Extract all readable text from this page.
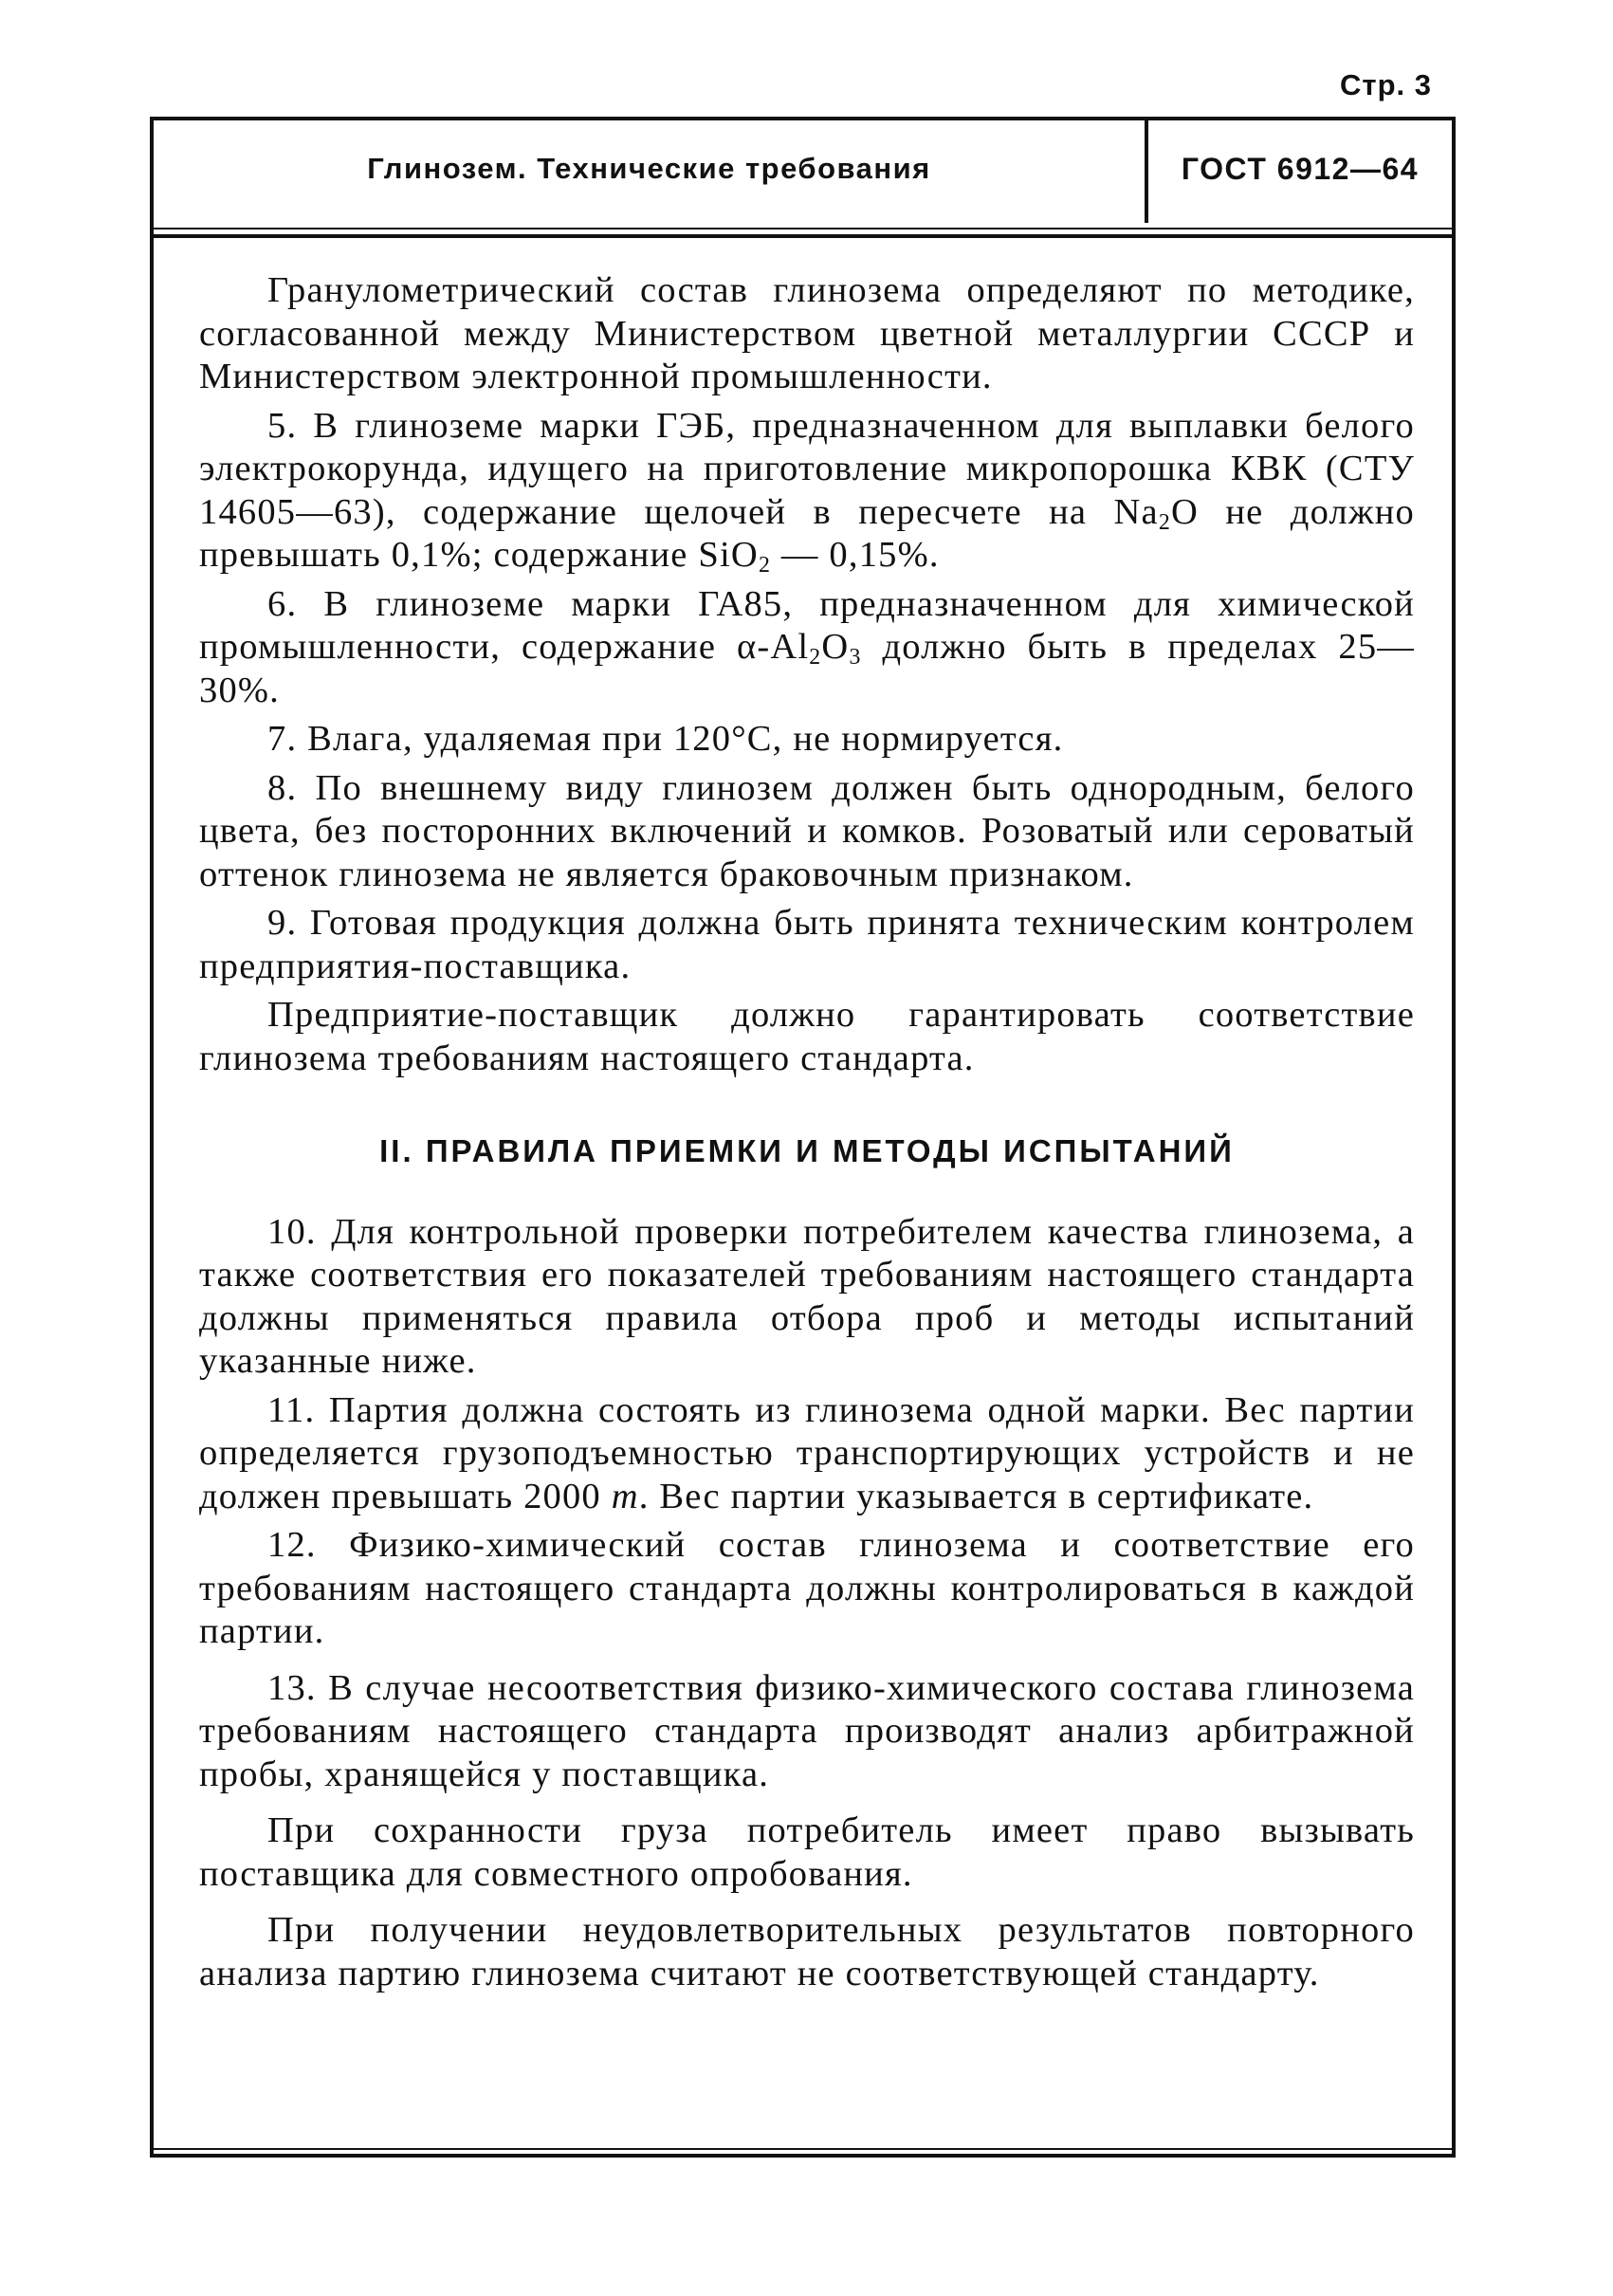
Стр. 3
Глинозем. Технические требования	ГОСТ 6912—64

Гранулометрический состав глинозема определяют по методике, согласованной между Министерством цветной металлургии СССР и Министерством электронной промышленности.

5. В глиноземе марки ГЭБ, предназначенном для выплавки белого электрокорунда, идущего на приготовление микропорошка КВК (СТУ 14605—63), содержание щелочей в пересчете на $Na_2O$ не должно превышать 0,1%; содержание SiO$_2$ — 0,15%.

6. В глиноземе марки ГА85, предназначенном для химической промышленности, содержание $\alpha-Al_2O_3$ должно быть в пределах 25—30%.

7. Влага, удаляемая при 120°С, не нормируется.

8. По внешнему виду глинозем должен быть однородным, белого цвета, без посторонних включений и комков. Розоватый или сероватый оттенок глинозема не является браковочным признаком.

9. Готовая продукция должна быть принята техническим контролем предприятия-поставщика.

Предприятие-поставщик должно гарантировать соответствие глинозема требованиям настоящего стандарта.

II. ПРАВИЛА ПРИЕМКИ И МЕТОДЫ ИСПЫТАНИЙ

10. Для контрольной проверки потребителем качества глинозема, а также соответствия его показателей требованиям настоящего стандарта должны применяться правила отбора проб и методы испытаний указанные ниже.

11. Партия должна состоять из глинозема одной марки. Вес партии определяется грузоподъемностью транспортирующих устройств и не должен превышать 2000 т. Вес партии указывается в сертификате.

12. Физико-химический состав глинозема и соответствие его требованиям настоящего стандарта должны контролироваться в каждой партии.

13. В случае несоответствия физико-химического состава глинозема требованиям настоящего стандарта производят анализ арбитражной пробы, хранящейся у поставщика.

При сохранности груза потребитель имеет право вызывать поставщика для совместного опробования.

При получении неудовлетворительных результатов повторного анализа партию глинозема считают не соответствующей стандарту.
